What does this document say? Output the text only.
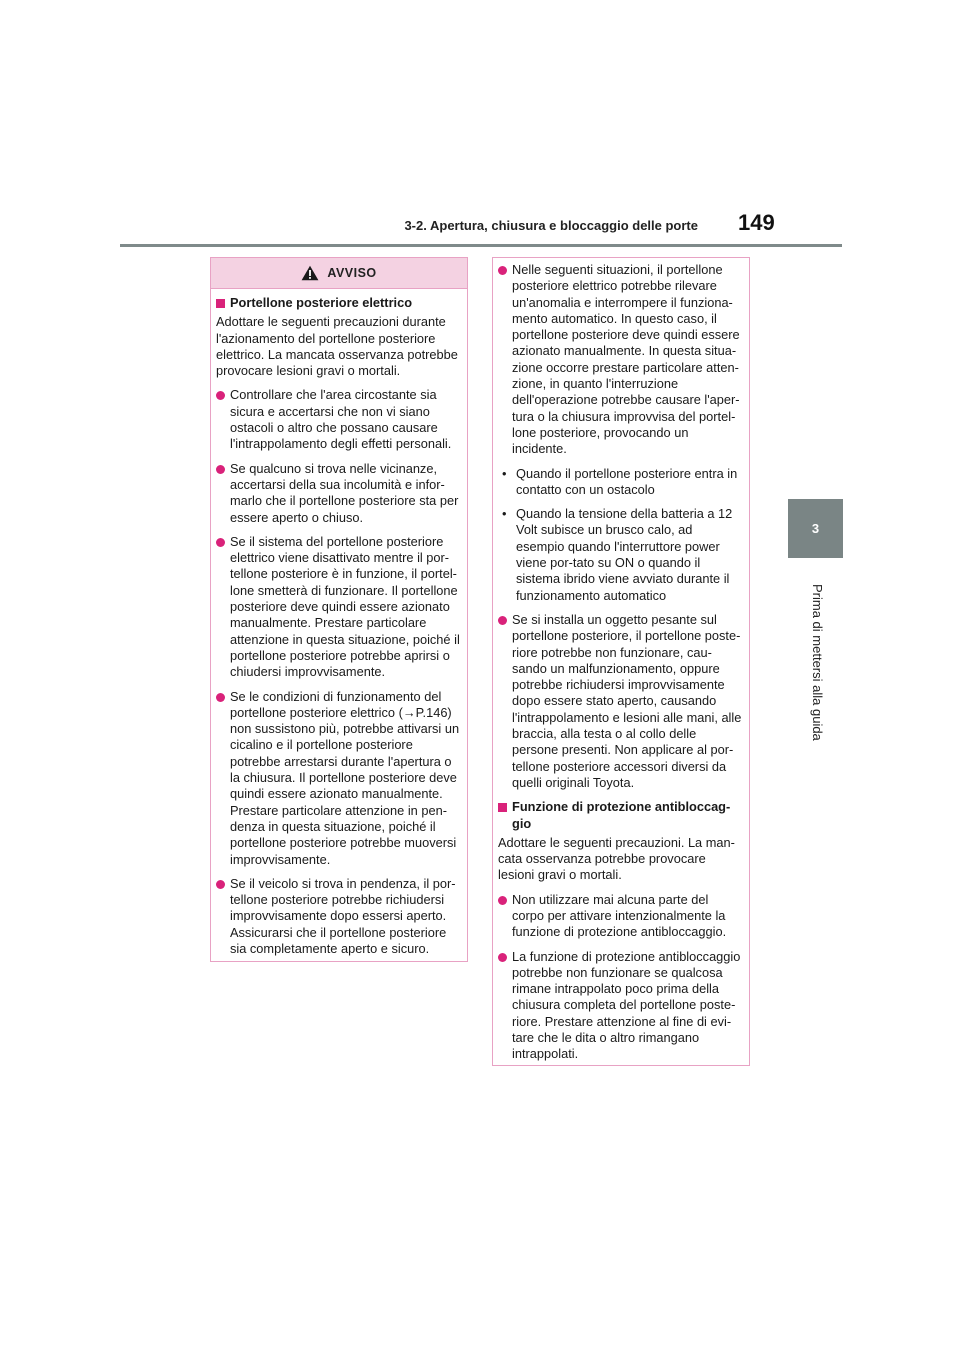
3-2. Apertura, chiusura e bloccaggio delle porte 149
3
Prima di mettersi alla guida
AVVISO
Portellone posteriore elettrico

Adottare le seguenti precauzioni durante l'azionamento del portellone posteriore elettrico. La mancata osservanza potrebbe provocare lesioni gravi o mortali.

Controllare che l'area circostante sia sicura e accertarsi che non vi siano ostacoli o altro che possano causare l'intrappolamento degli effetti personali.
Se qualcuno si trova nelle vicinanze, accertarsi della sua incolumità e infor-marlo che il portellone posteriore sta per essere aperto o chiuso.
Se il sistema del portellone posteriore elettrico viene disattivato mentre il por-tellone posteriore è in funzione, il portel-lone smetterà di funzionare. Il portellone posteriore deve quindi essere azionato manualmente. Prestare particolare attenzione in questa situazione, poiché il portellone posteriore potrebbe aprirsi o chiudersi improvvisamente.
Se le condizioni di funzionamento del portellone posteriore elettrico (→P.146) non sussistono più, potrebbe attivarsi un cicalino e il portellone posteriore potrebbe arrestarsi durante l'apertura o la chiusura. Il portellone posteriore deve quindi essere azionato manualmente. Prestare particolare attenzione in pen-denza in questa situazione, poiché il portellone posteriore potrebbe muoversi improvvisamente.
Se il veicolo si trova in pendenza, il por-tellone posteriore potrebbe richiudersi improvvisamente dopo essersi aperto. Assicurarsi che il portellone posteriore sia completamente aperto e sicuro.
Nelle seguenti situazioni, il portellone posteriore elettrico potrebbe rilevare un'anomalia e interrompere il funziona-mento automatico. In questo caso, il portellone posteriore deve quindi essere azionato manualmente. In questa situa-zione occorre prestare particolare atten-zione, in quanto l'interruzione dell'operazione potrebbe causare l'aper-tura o la chiusura improvvisa del portel-lone posteriore, provocando un incidente.
• Quando il portellone posteriore entra in contatto con un ostacolo
• Quando la tensione della batteria a 12 Volt subisce un brusco calo, ad esempio quando l'interruttore power viene por-tato su ON o quando il sistema ibrido viene avviato durante il funzionamento automatico
Se si installa un oggetto pesante sul portellone posteriore, il portellone poste-riore potrebbe non funzionare, cau-sando un malfunzionamento, oppure potrebbe richiudersi improvvisamente dopo essere stato aperto, causando l'intrappolamento e lesioni alle mani, alle braccia, alla testa o al collo delle persone presenti. Non applicare al por-tellone posteriore accessori diversi da quelli originali Toyota.
Funzione di protezione antibloccag-gio

Adottare le seguenti precauzioni. La man-cata osservanza potrebbe provocare lesioni gravi o mortali.

Non utilizzare mai alcuna parte del corpo per attivare intenzionalmente la funzione di protezione antibloccaggio.
La funzione di protezione antibloccaggio potrebbe non funzionare se qualcosa rimane intrappolato poco prima della chiusura completa del portellone poste-riore. Prestare attenzione al fine di evi-tare che le dita o altro rimangano intrappolati.
